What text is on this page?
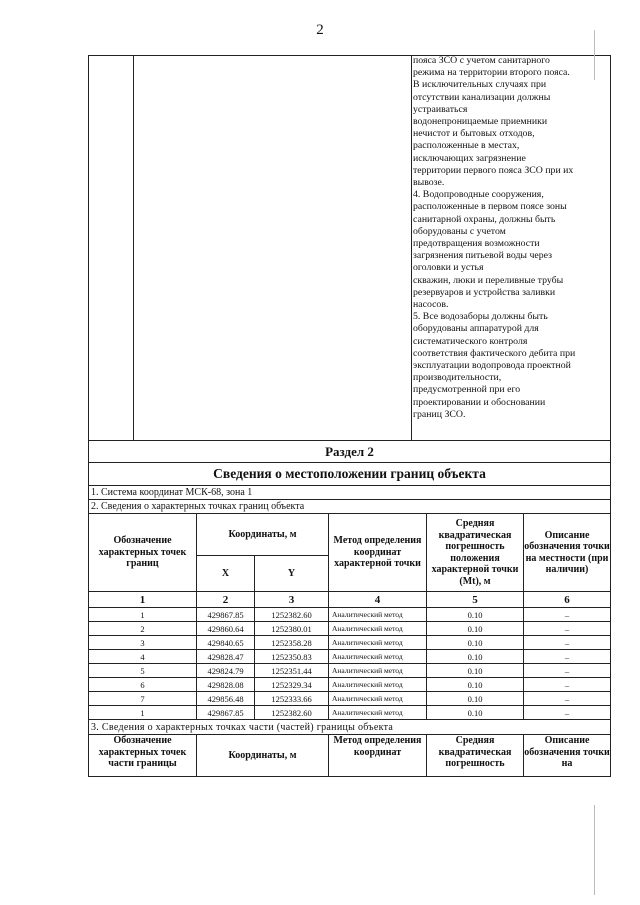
2
пояса ЗСО с учетом санитарного
режима на территории второго пояса.
В исключительных случаях при
отсутствии канализации должны
устраиваться
водонепроницаемые приемники
нечистот и бытовых отходов,
расположенные в местах,
исключающих загрязнение
территории первого пояса ЗСО при их
вывозе.
4. Водопроводные сооружения,
расположенные в первом поясе зоны
санитарной охраны, должны быть
оборудованы с учетом
предотвращения возможности
загрязнения питьевой воды через
оголовки и устья
скважин, люки и переливные трубы
резервуаров и устройства заливки
насосов.
5. Все водозаборы должны быть
оборудованы аппаратурой для
систематического контроля
соответствия фактического дебита при
эксплуатации водопровода проектной
производительности,
предусмотренной при его
проектировании и обосновании
границ ЗСО.
Раздел 2					
Сведения о местоположении границ объекта					
1. Система координат МСК-68, зона 1					
2. Сведения о характерных точках границ объекта					
Обозначение характерных точек границ	Координаты, м		Метод определения координат характерной точки	Средняя квадратическая погрешность положения характерной точки (Mt), м	Описание обозначения точки на местности (при наличии)
	X	Y			
1	2	3	4	5	6
1	429867.85	1252382.60	Аналитический метод	0.10	–
2	429860.64	1252380.01	Аналитический метод	0.10	–
3	429840.65	1252358.28	Аналитический метод	0.10	–
4	429828.47	1252350.83	Аналитический метод	0.10	–
5	429824.79	1252351.44	Аналитический метод	0.10	–
6	429828.08	1252329.34	Аналитический метод	0.10	–
7	429856.48	1252333.66	Аналитический метод	0.10	–
1	429867.85	1252382.60	Аналитический метод	0.10	–
3. Сведения о характерных точках части (частей) границы объекта					
Обозначение характерных точек части границы	Координаты, м		Метод определения координат	Средняя квадратическая погрешность	Описание обозначения точки на
